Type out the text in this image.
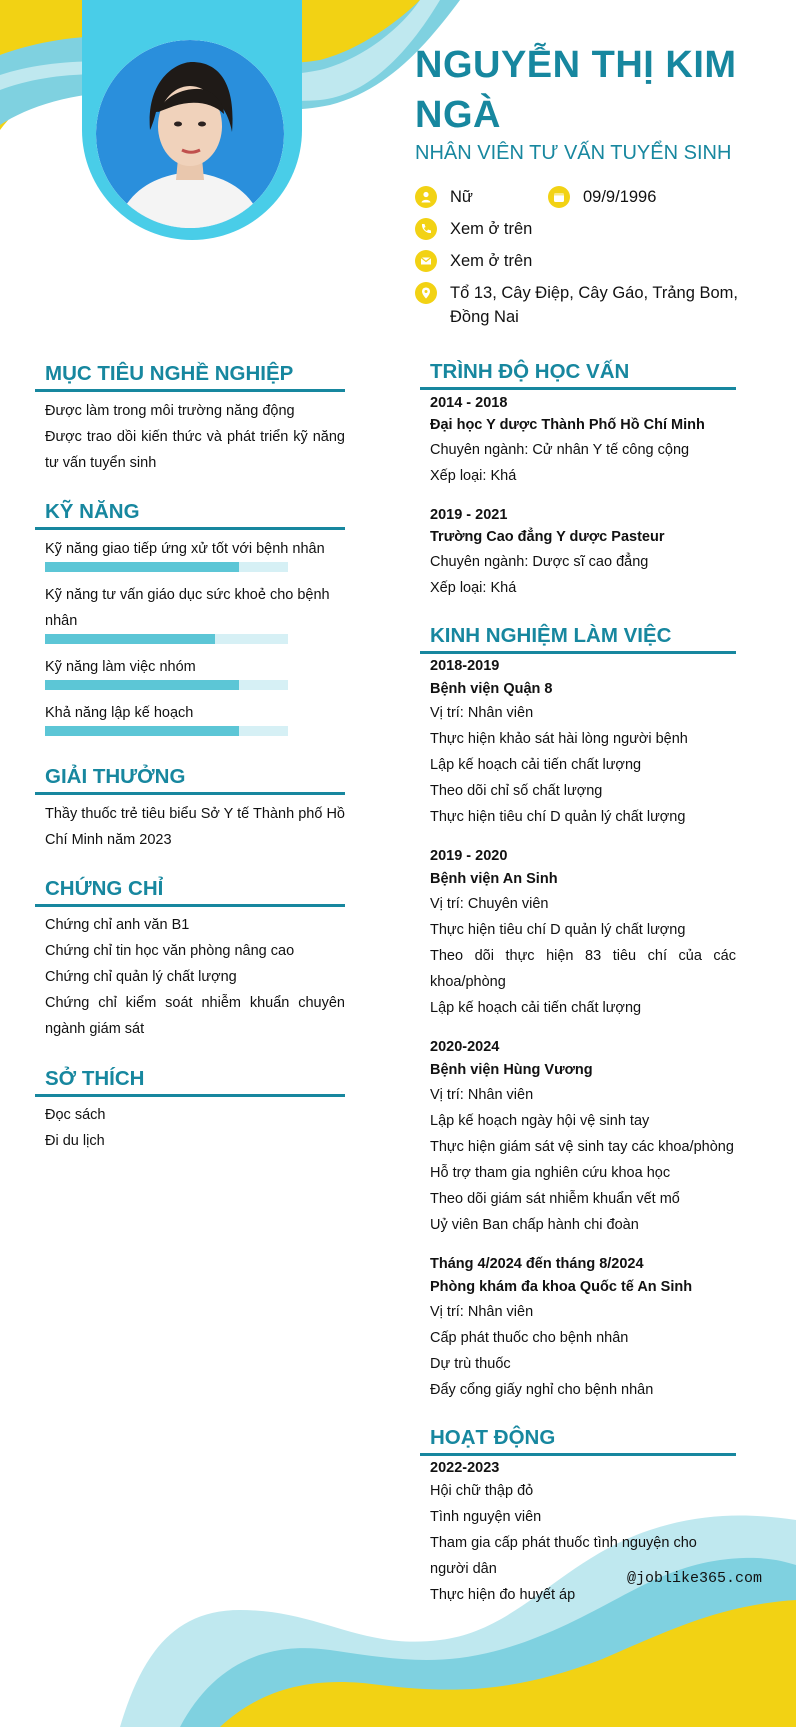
NGUYỄN THỊ KIM NGÀ
NHÂN VIÊN TƯ VẤN TUYỂN SINH
Nữ	09/9/1996
Xem ở trên
Xem ở trên
Tổ 13, Cây Điệp, Cây Gáo, Trảng Bom, Đồng Nai
MỤC TIÊU NGHỀ NGHIỆP
Được làm trong môi trường năng động
Được trao dồi kiến thức và phát triển kỹ năng tư vấn tuyển sinh
KỸ NĂNG
Kỹ năng giao tiếp ứng xử tốt với bệnh nhân
Kỹ năng tư vấn giáo dục sức khoẻ cho bệnh nhân
Kỹ năng làm việc nhóm
Khả năng lập kế hoạch
GIẢI THƯỞNG
Thầy thuốc trẻ tiêu biểu Sở Y tế Thành phố Hồ Chí Minh năm 2023
CHỨNG CHỈ
Chứng chỉ anh văn B1
Chứng chỉ tin học văn phòng nâng cao
Chứng chỉ quản lý chất lượng
Chứng chỉ kiểm soát nhiễm khuẩn chuyên ngành giám sát
SỞ THÍCH
Đọc sách
Đi du lịch
TRÌNH ĐỘ HỌC VẤN
2014 - 2018
Đại học Y dược Thành Phố Hồ Chí Minh
Chuyên ngành: Cử nhân Y tế công cộng
Xếp loại: Khá
2019 - 2021
Trường Cao đẳng Y dược Pasteur
Chuyên ngành: Dược sĩ cao đẳng
Xếp loại: Khá
KINH NGHIỆM LÀM VIỆC
2018-2019
Bệnh viện Quận 8
Vị trí: Nhân viên
Thực hiện khảo sát hài lòng người bệnh
Lập kế hoạch cải tiến chất lượng
Theo dõi chỉ số chất lượng
Thực hiện tiêu chí D quản lý chất lượng
2019 - 2020
Bệnh viện An Sinh
Vị trí: Chuyên viên
Thực hiện tiêu chí D quản lý chất lượng
Theo dõi thực hiện 83 tiêu chí của các khoa/phòng
Lập kế hoạch cải tiến chất lượng
2020-2024
Bệnh viện Hùng Vương
Vị trí: Nhân viên
Lập kế hoạch ngày hội vệ sinh tay
Thực hiện giám sát vệ sinh tay các khoa/phòng
Hỗ trợ tham gia nghiên cứu khoa học
Theo dõi giám sát nhiễm khuẩn vết mổ
Uỷ viên Ban chấp hành chi đoàn
Tháng 4/2024 đến tháng 8/2024
Phòng khám đa khoa Quốc tế An Sinh
Vị trí: Nhân viên
Cấp phát thuốc cho bệnh nhân
Dự trù thuốc
Đẩy cổng giấy nghỉ cho bệnh nhân
HOẠT ĐỘNG
2022-2023
Hội chữ thập đỏ
Tình nguyện viên
Tham gia cấp phát thuốc tình nguyện cho người dân
Thực hiện đo huyết áp
@joblike365.com
